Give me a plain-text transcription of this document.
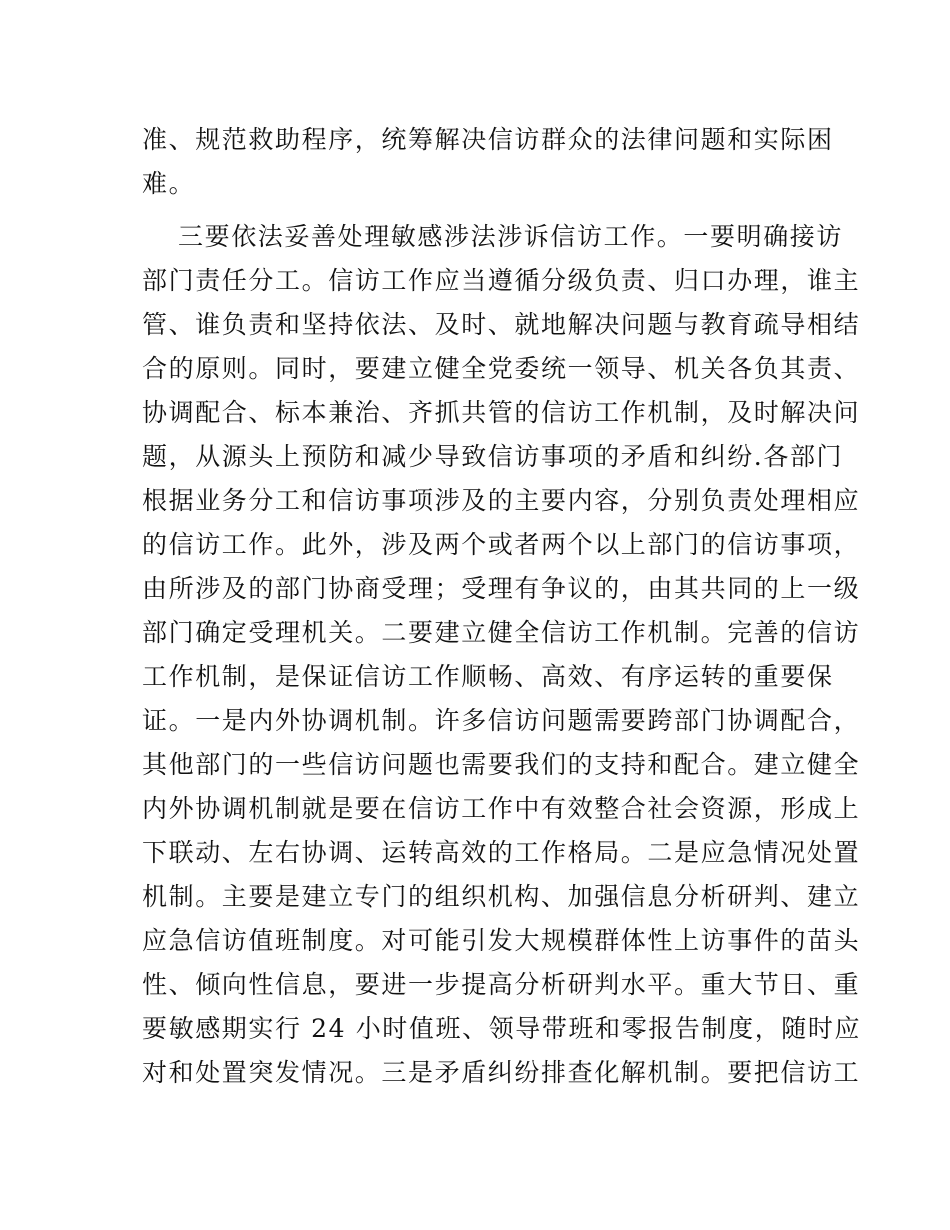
准、规范救助程序，统筹解决信访群众的法律问题和实际困
难。
三要依法妥善处理敏感涉法涉诉信访工作。一要明确接访
部门责任分工。信访工作应当遵循分级负责、归口办理，谁主
管、谁负责和坚持依法、及时、就地解决问题与教育疏导相结
合的原则。同时，要建立健全党委统一领导、机关各负其责、
协调配合、标本兼治、齐抓共管的信访工作机制，及时解决问
题，从源头上预防和减少导致信访事项的矛盾和纠纷.各部门
根据业务分工和信访事项涉及的主要内容，分别负责处理相应
的信访工作。此外，涉及两个或者两个以上部门的信访事项，
由所涉及的部门协商受理；受理有争议的，由其共同的上一级
部门确定受理机关。二要建立健全信访工作机制。完善的信访
工作机制，是保证信访工作顺畅、高效、有序运转的重要保
证。一是内外协调机制。许多信访问题需要跨部门协调配合，
其他部门的一些信访问题也需要我们的支持和配合。建立健全
内外协调机制就是要在信访工作中有效整合社会资源，形成上
下联动、左右协调、运转高效的工作格局。二是应急情况处置
机制。主要是建立专门的组织机构、加强信息分析研判、建立
应急信访值班制度。对可能引发大规模群体性上访事件的苗头
性、倾向性信息，要进一步提高分析研判水平。重大节日、重
要敏感期实行 24 小时值班、领导带班和零报告制度，随时应
对和处置突发情况。三是矛盾纠纷排查化解机制。要把信访工
